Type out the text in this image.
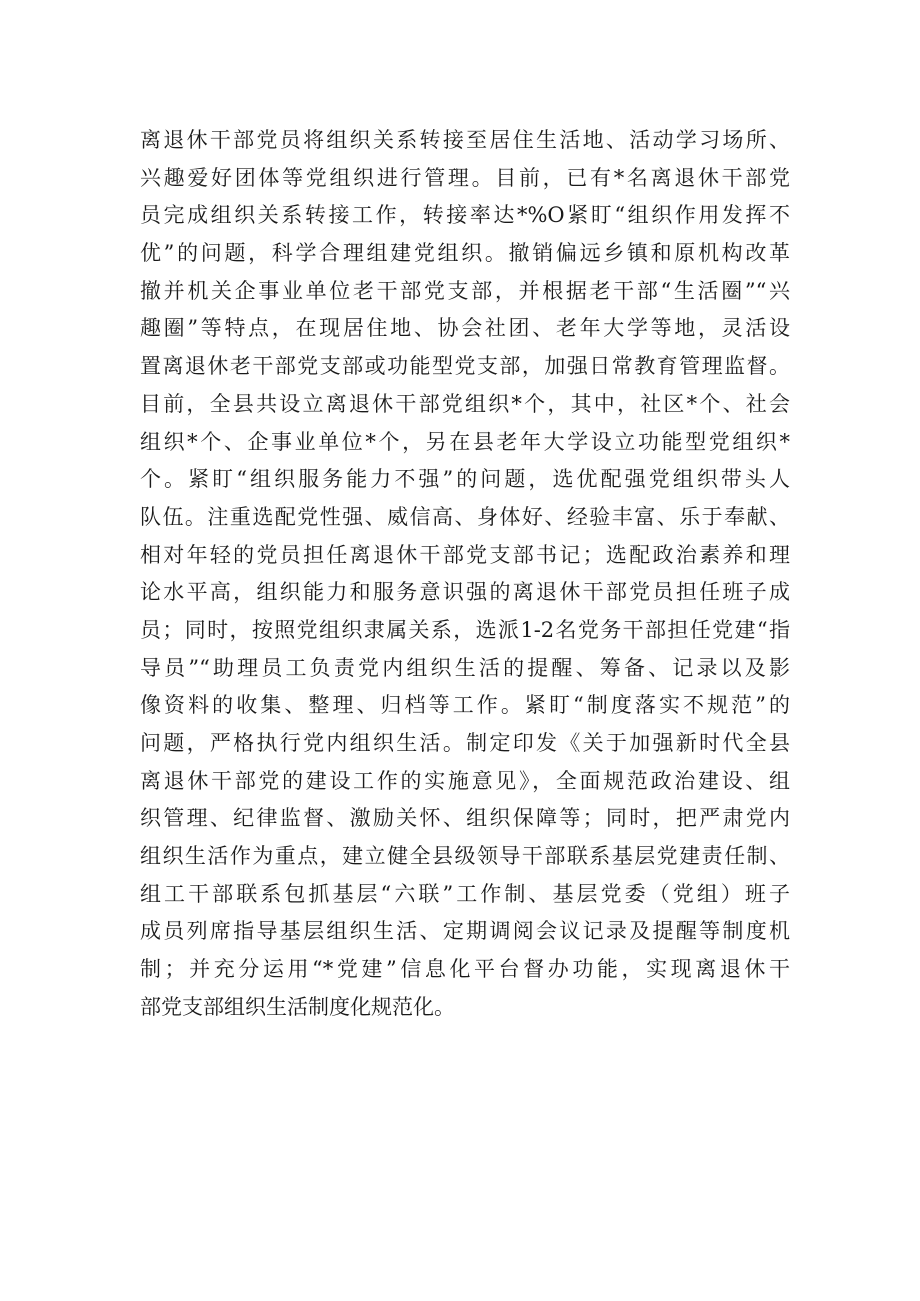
离退休干部党员将组织关系转接至居住生活地、活动学习场所、
兴趣爱好团体等党组织进行管理。目前，已有*名离退休干部党
员完成组织关系转接工作，转接率达*%O紧盯“组织作用发挥不
优”的问题，科学合理组建党组织。撤销偏远乡镇和原机构改革
撤并机关企事业单位老干部党支部，并根据老干部“生活圈”“兴
趣圈”等特点，在现居住地、协会社团、老年大学等地，灵活设
置离退休老干部党支部或功能型党支部，加强日常教育管理监督。
目前，全县共设立离退休干部党组织*个，其中，社区*个、社会
组织*个、企事业单位*个，另在县老年大学设立功能型党组织*
个。紧盯“组织服务能力不强”的问题，选优配强党组织带头人
队伍。注重选配党性强、威信高、身体好、经验丰富、乐于奉献、
相对年轻的党员担任离退休干部党支部书记；选配政治素养和理
论水平高，组织能力和服务意识强的离退休干部党员担任班子成
员；同时，按照党组织隶属关系，选派1-2名党务干部担任党建“指
导员”“助理员工负责党内组织生活的提醒、筹备、记录以及影
像资料的收集、整理、归档等工作。紧盯“制度落实不规范”的
问题，严格执行党内组织生活。制定印发《关于加强新时代全县
离退休干部党的建设工作的实施意见》，全面规范政治建设、组
织管理、纪律监督、激励关怀、组织保障等；同时，把严肃党内
组织生活作为重点，建立健全县级领导干部联系基层党建责任制、
组工干部联系包抓基层“六联”工作制、基层党委（党组）班子
成员列席指导基层组织生活、定期调阅会议记录及提醒等制度机
制；并充分运用“*党建”信息化平台督办功能，实现离退休干
部党支部组织生活制度化规范化。
